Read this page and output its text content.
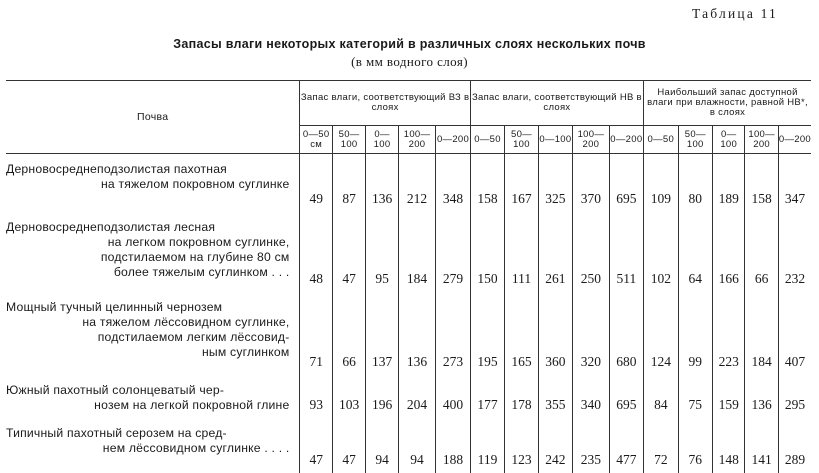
Таблица 11
Запасы влаги некоторых категорий в различных слоях нескольких почв
(в мм водного слоя)
Почва	Запас влаги, соответствующий ВЗ в слоях					Запас влаги, соответствующий НВ в слоях					Наибольший запас доступной влаги при влажности, равной НВ*, в слоях				
	0—50 см	50—100	0—100	100—200	0—200	0—50	50—100	0—100	100—200	0—200	0—50	50—100	0—100	100—200	0—200

Дерновосреднеподзолистая пахотная
на тяжелом покровном суглинке	49	87	136	212	348	158	167	325	370	695	109	80	189	158	347

Дерновосреднеподзолистая лесная
на легком покровном суглинке,
подстилаемом на глубине 80 см
более тяжелым суглинком . . .	48	47	95	184	279	150	111	261	250	511	102	64	166	66	232

Мощный тучный целинный чернозем
на тяжелом лёссовидном суглинке,
подстилаемом легким лёссовид-
ным суглинком	71	66	137	136	273	195	165	360	320	680	124	99	223	184	407

Южный пахотный солонцеватый чер-
нозем на легкой покровной глине	93	103	196	204	400	177	178	355	340	695	84	75	159	136	295

Типичный пахотный серозем на сред-
нем лёссовидном суглинке . . . .	47	47	94	94	188	119	123	242	235	477	72	76	148	141	289
